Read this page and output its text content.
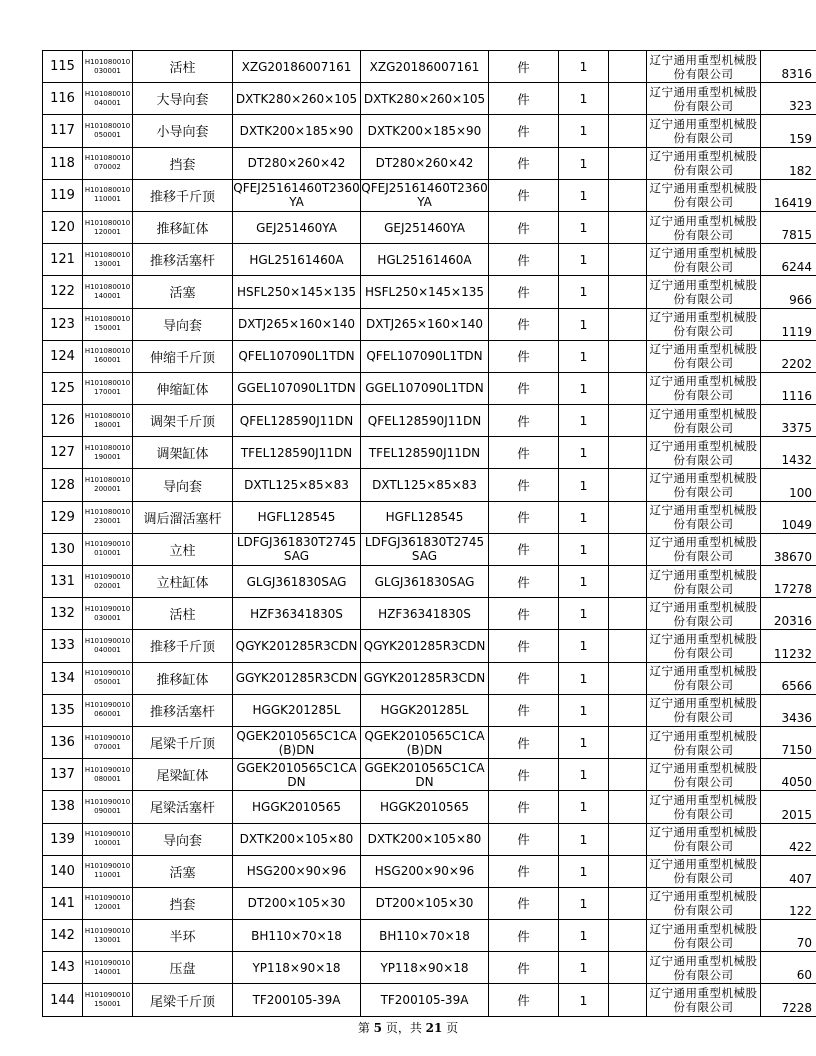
115	H101080010030001	活柱	XZG20186007161	XZG20186007161	件	1		辽宁通用重型机械股份有限公司	8316
116	H101080010040001	大导向套	DXTK280×260×105	DXTK280×260×105	件	1		辽宁通用重型机械股份有限公司	323
117	H101080010050001	小导向套	DXTK200×185×90	DXTK200×185×90	件	1		辽宁通用重型机械股份有限公司	159
118	H101080010070002	挡套	DT280×260×42	DT280×260×42	件	1		辽宁通用重型机械股份有限公司	182
119	H101080010110001	推移千斤顶	QFEJ25161460T2360YA	QFEJ25161460T2360YA	件	1		辽宁通用重型机械股份有限公司	16419
120	H101080010120001	推移缸体	GEJ251460YA	GEJ251460YA	件	1		辽宁通用重型机械股份有限公司	7815
121	H101080010130001	推移活塞杆	HGL25161460A	HGL25161460A	件	1		辽宁通用重型机械股份有限公司	6244
122	H101080010140001	活塞	HSFL250×145×135	HSFL250×145×135	件	1		辽宁通用重型机械股份有限公司	966
123	H101080010150001	导向套	DXTJ265×160×140	DXTJ265×160×140	件	1		辽宁通用重型机械股份有限公司	1119
124	H101080010160001	伸缩千斤顶	QFEL107090L1TDN	QFEL107090L1TDN	件	1		辽宁通用重型机械股份有限公司	2202
125	H101080010170001	伸缩缸体	GGEL107090L1TDN	GGEL107090L1TDN	件	1		辽宁通用重型机械股份有限公司	1116
126	H101080010180001	调架千斤顶	QFEL128590J11DN	QFEL128590J11DN	件	1		辽宁通用重型机械股份有限公司	3375
127	H101080010190001	调架缸体	TFEL128590J11DN	TFEL128590J11DN	件	1		辽宁通用重型机械股份有限公司	1432
128	H101080010200001	导向套	DXTL125×85×83	DXTL125×85×83	件	1		辽宁通用重型机械股份有限公司	100
129	H101080010230001	调后溜活塞杆	HGFL128545	HGFL128545	件	1		辽宁通用重型机械股份有限公司	1049
130	H101090010010001	立柱	LDFGJ361830T2745SAG	LDFGJ361830T2745SAG	件	1		辽宁通用重型机械股份有限公司	38670
131	H101090010020001	立柱缸体	GLGJ361830SAG	GLGJ361830SAG	件	1		辽宁通用重型机械股份有限公司	17278
132	H101090010030001	活柱	HZF36341830S	HZF36341830S	件	1		辽宁通用重型机械股份有限公司	20316
133	H101090010040001	推移千斤顶	QGYK201285R3CDN	QGYK201285R3CDN	件	1		辽宁通用重型机械股份有限公司	11232
134	H101090010050001	推移缸体	GGYK201285R3CDN	GGYK201285R3CDN	件	1		辽宁通用重型机械股份有限公司	6566
135	H101090010060001	推移活塞杆	HGGK201285L	HGGK201285L	件	1		辽宁通用重型机械股份有限公司	3436
136	H101090010070001	尾梁千斤顶	QGEK2010565C1CA(B)DN	QGEK2010565C1CA(B)DN	件	1		辽宁通用重型机械股份有限公司	7150
137	H101090010080001	尾梁缸体	GGEK2010565C1CADN	GGEK2010565C1CADN	件	1		辽宁通用重型机械股份有限公司	4050
138	H101090010090001	尾梁活塞杆	HGGK2010565	HGGK2010565	件	1		辽宁通用重型机械股份有限公司	2015
139	H101090010100001	导向套	DXTK200×105×80	DXTK200×105×80	件	1		辽宁通用重型机械股份有限公司	422
140	H101090010110001	活塞	HSG200×90×96	HSG200×90×96	件	1		辽宁通用重型机械股份有限公司	407
141	H101090010120001	挡套	DT200×105×30	DT200×105×30	件	1		辽宁通用重型机械股份有限公司	122
142	H101090010130001	半环	BH110×70×18	BH110×70×18	件	1		辽宁通用重型机械股份有限公司	70
143	H101090010140001	压盘	YP118×90×18	YP118×90×18	件	1		辽宁通用重型机械股份有限公司	60
144	H101090010150001	尾梁千斤顶	TF200105-39A	TF200105-39A	件	1		辽宁通用重型机械股份有限公司	7228
第 5 页，共 21 页
